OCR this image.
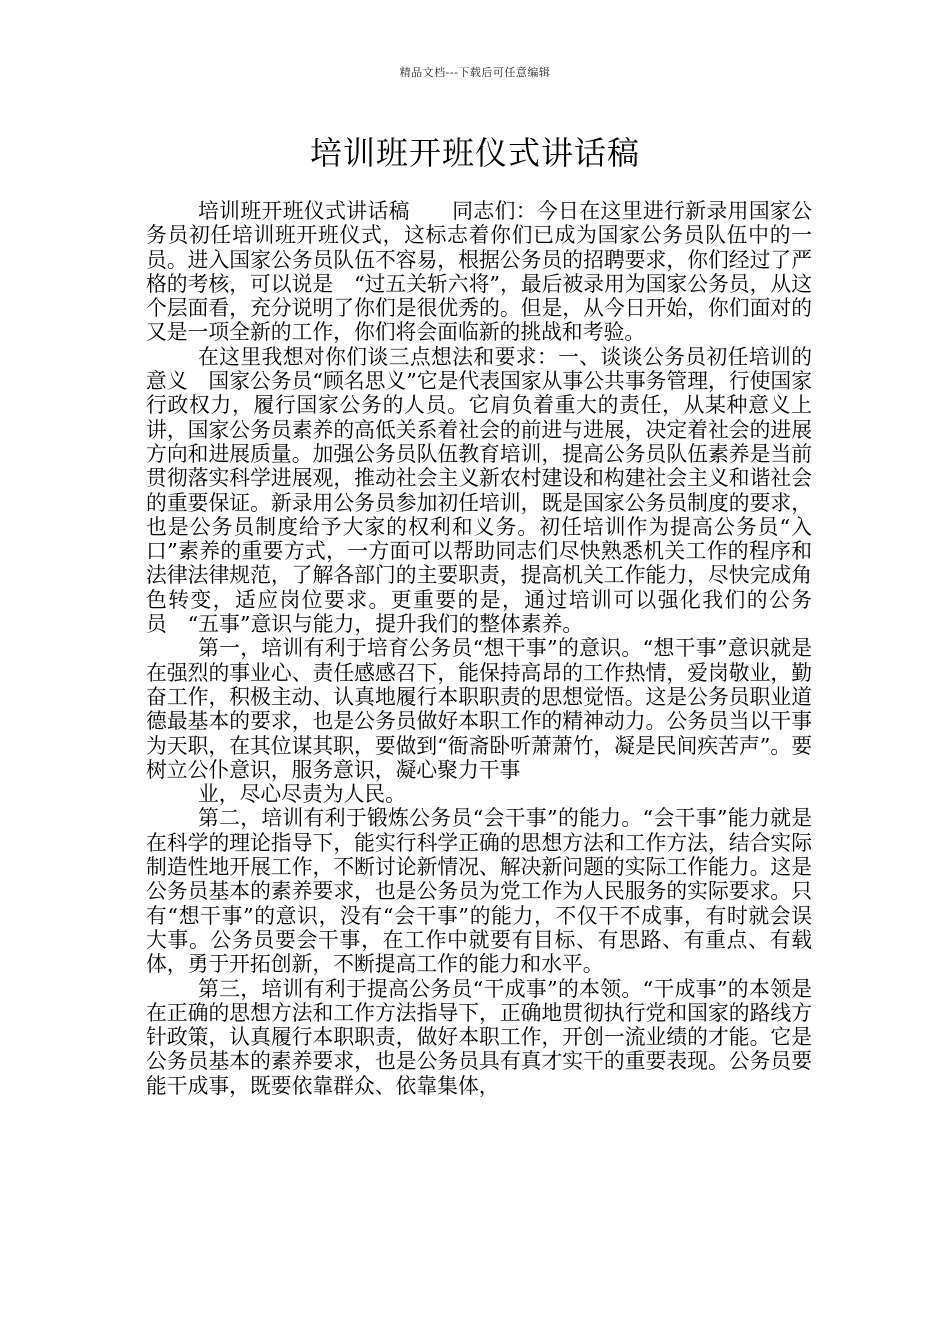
精品文档---下载后可任意编辑
培训班开班仪式讲话稿

培训班开班仪式讲话稿　　同志们：今日在这里进行新录用国家公务员初任培训班开班仪式，这标志着你们已成为国家公务员队伍中的一员。进入国家公务员队伍不容易，根据公务员的招聘要求，你们经过了严格的考核，可以说是　“过五关斩六将”，最后被录用为国家公务员，从这个层面看，充分说明了你们是很优秀的。但是，从今日开始，你们面对的又是一项全新的工作，你们将会面临新的挑战和考验。

在这里我想对你们谈三点想法和要求：一、谈谈公务员初任培训的意义　国家公务员“顾名思义”它是代表国家从事公共事务管理，行使国家行政权力，履行国家公务的人员。它肩负着重大的责任，从某种意义上讲，国家公务员素养的高低关系着社会的前进与进展，决定着社会的进展方向和进展质量。加强公务员队伍教育培训，提高公务员队伍素养是当前贯彻落实科学进展观，推动社会主义新农村建设和构建社会主义和谐社会的重要保证。新录用公务员参加初任培训，既是国家公务员制度的要求，也是公务员制度给予大家的权利和义务。初任培训作为提高公务员“入口”素养的重要方式，一方面可以帮助同志们尽快熟悉机关工作的程序和法律法律规范，了解各部门的主要职责，提高机关工作能力，尽快完成角色转变，适应岗位要求。更重要的是，通过培训可以强化我们的公务员　“五事”意识与能力，提升我们的整体素养。

第一，培训有利于培育公务员“想干事”的意识。“想干事”意识就是在强烈的事业心、责任感感召下，能保持高昂的工作热情，爱岗敬业，勤奋工作，积极主动、认真地履行本职职责的思想觉悟。这是公务员职业道德最基本的要求，也是公务员做好本职工作的精神动力。公务员当以干事为天职，在其位谋其职，要做到“衙斋卧听萧萧竹，凝是民间疾苦声”。要树立公仆意识，服务意识，凝心聚力干事

业，尽心尽责为人民。

第二，培训有利于锻炼公务员“会干事”的能力。“会干事”能力就是在科学的理论指导下，能实行科学正确的思想方法和工作方法，结合实际制造性地开展工作，不断讨论新情况、解决新问题的实际工作能力。这是公务员基本的素养要求，也是公务员为党工作为人民服务的实际要求。只有“想干事”的意识，没有“会干事”的能力，不仅干不成事，有时就会误大事。公务员要会干事，在工作中就要有目标、有思路、有重点、有载体，勇于开拓创新，不断提高工作的能力和水平。

第三，培训有利于提高公务员“干成事”的本领。“干成事”的本领是在正确的思想方法和工作方法指导下，正确地贯彻执行党和国家的路线方针政策，认真履行本职职责，做好本职工作，开创一流业绩的才能。它是公务员基本的素养要求，也是公务员具有真才实干的重要表现。公务员要能干成事，既要依靠群众、依靠集体，
